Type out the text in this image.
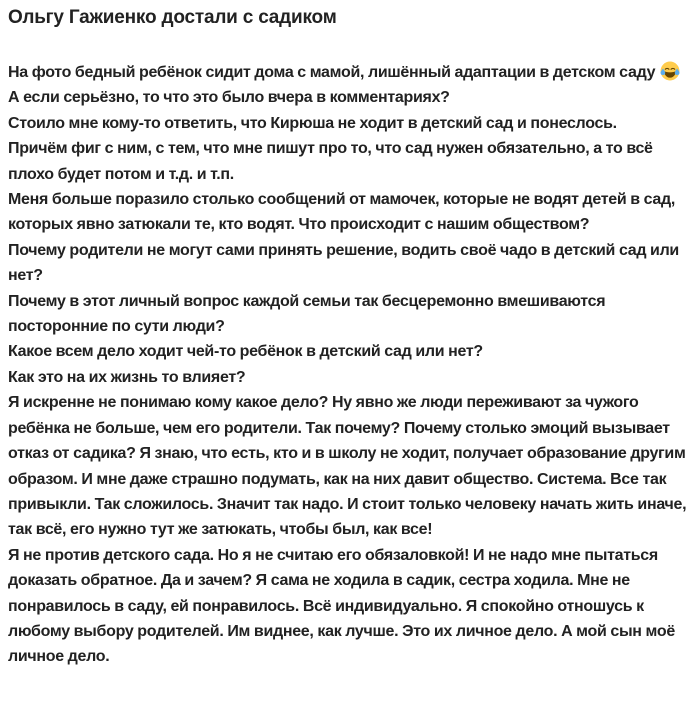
Ольгу Гажиенко достали с садиком

На фото бедный ребёнок сидит дома с мамой, лишённый адаптации в детском саду

А если серьёзно, то что это было вчера в комментариях?

Стоило мне кому-то ответить, что Кирюша не ходит в детский сад и понеслось.

Причём фиг с ним, с тем, что мне пишут про то, что сад нужен обязательно, а то всё плохо будет потом и т.д. и т.п.

Меня больше поразило столько сообщений от мамочек, которые не водят детей в сад, которых явно затюкали те, кто водят. Что происходит с нашим обществом?

Почему родители не могут сами принять решение, водить своё чадо в детский сад или нет?

Почему в этот личный вопрос каждой семьи так бесцеремонно вмешиваются посторонние по сути люди?

Какое всем дело ходит чей-то ребёнок в детский сад или нет?

Как это на их жизнь то влияет?

Я искренне не понимаю кому какое дело? Ну явно же люди переживают за чужого ребёнка не больше, чем его родители. Так почему? Почему столько эмоций вызывает отказ от садика? Я знаю, что есть, кто и в школу не ходит, получает образование другим образом. И мне даже страшно подумать, как на них давит общество. Система. Все так привыкли. Так сложилось. Значит так надо. И стоит только человеку начать жить иначе, так всё, его нужно тут же затюкать, чтобы был, как все!

Я не против детского сада. Но я не считаю его обязаловкой! И не надо мне пытаться доказать обратное. Да и зачем? Я сама не ходила в садик, сестра ходила. Мне не понравилось в саду, ей понравилось. Всё индивидуально. Я спокойно отношусь к любому выбору родителей. Им виднее, как лучше. Это их личное дело. А мой сын моё личное дело.
